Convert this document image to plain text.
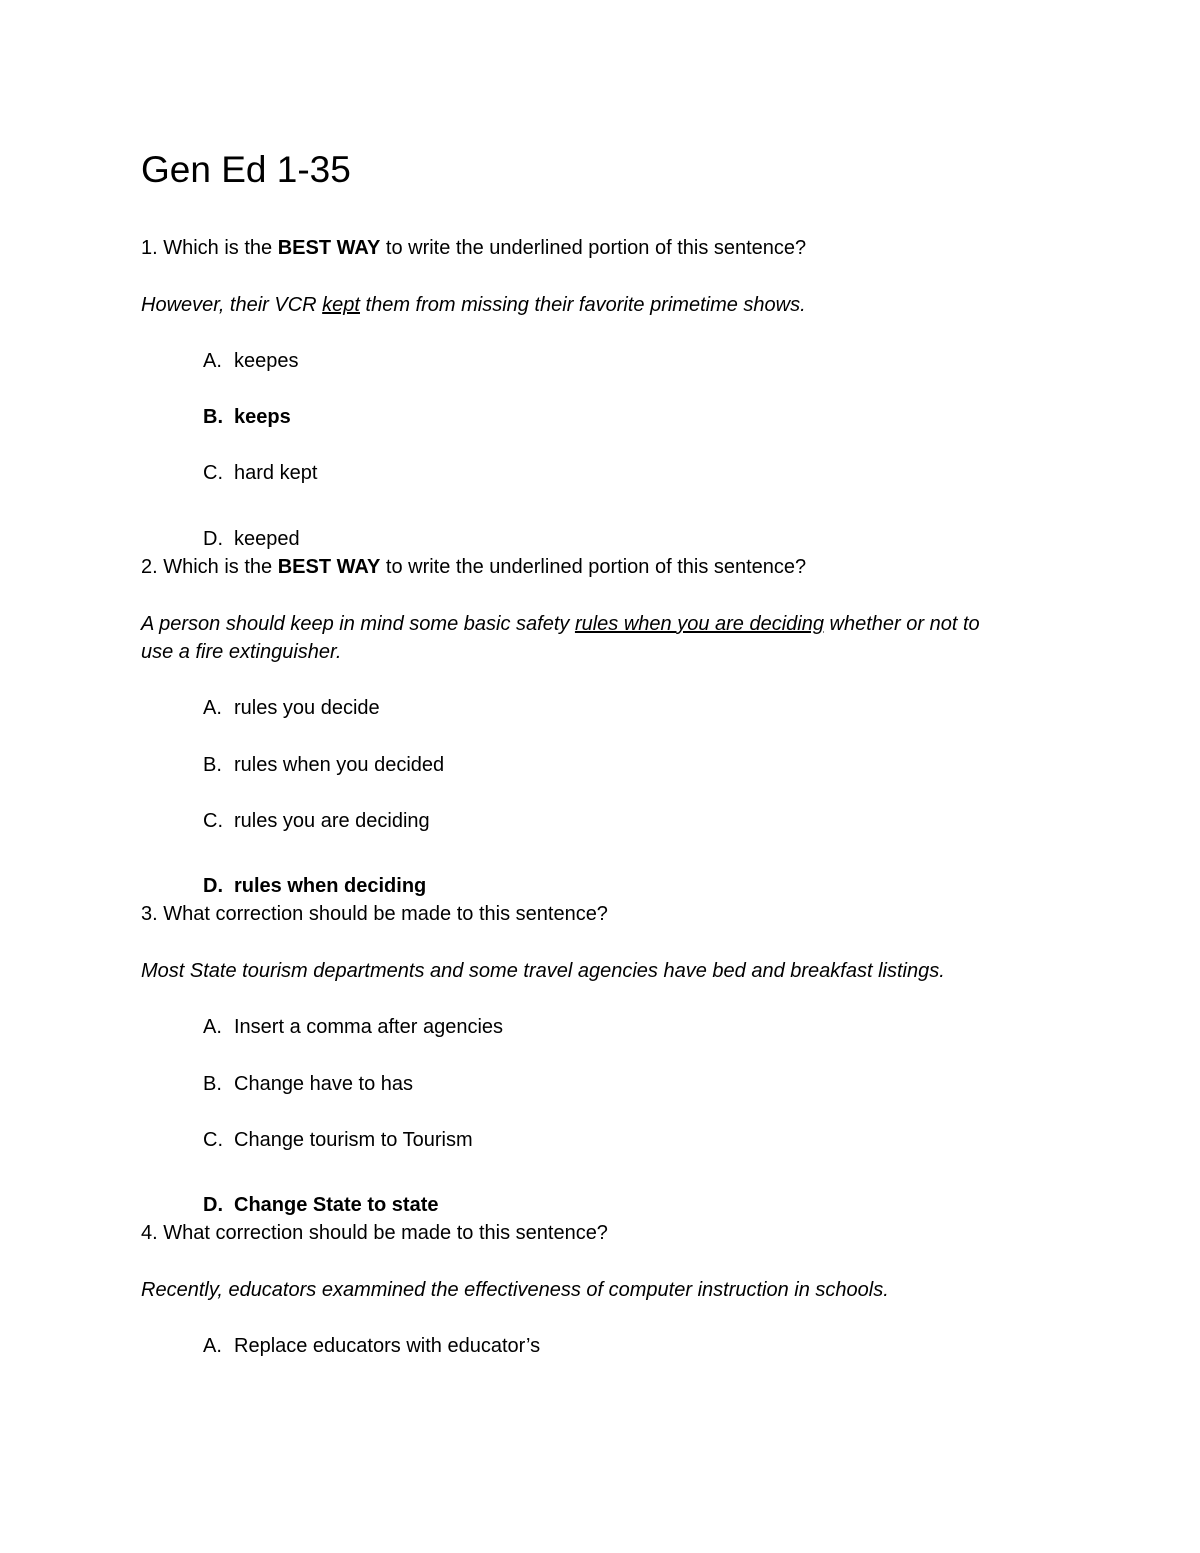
Gen Ed 1-35
1. Which is the BEST WAY to write the underlined portion of this sentence?
However, their VCR kept them from missing their favorite primetime shows.
A. keepes
B. keeps
C. hard kept
D. keeped
2. Which is the BEST WAY to write the underlined portion of this sentence?
A person should keep in mind some basic safety rules when you are deciding whether or not to
use a fire extinguisher.
A. rules you decide
B. rules when you decided
C. rules you are deciding
D. rules when deciding
3. What correction should be made to this sentence?
Most State tourism departments and some travel agencies have bed and breakfast listings.
A. Insert a comma after agencies
B. Change have to has
C. Change tourism to Tourism
D. Change State to state
4. What correction should be made to this sentence?
Recently, educators exammined the effectiveness of computer instruction in schools.
A. Replace educators with educator’s
